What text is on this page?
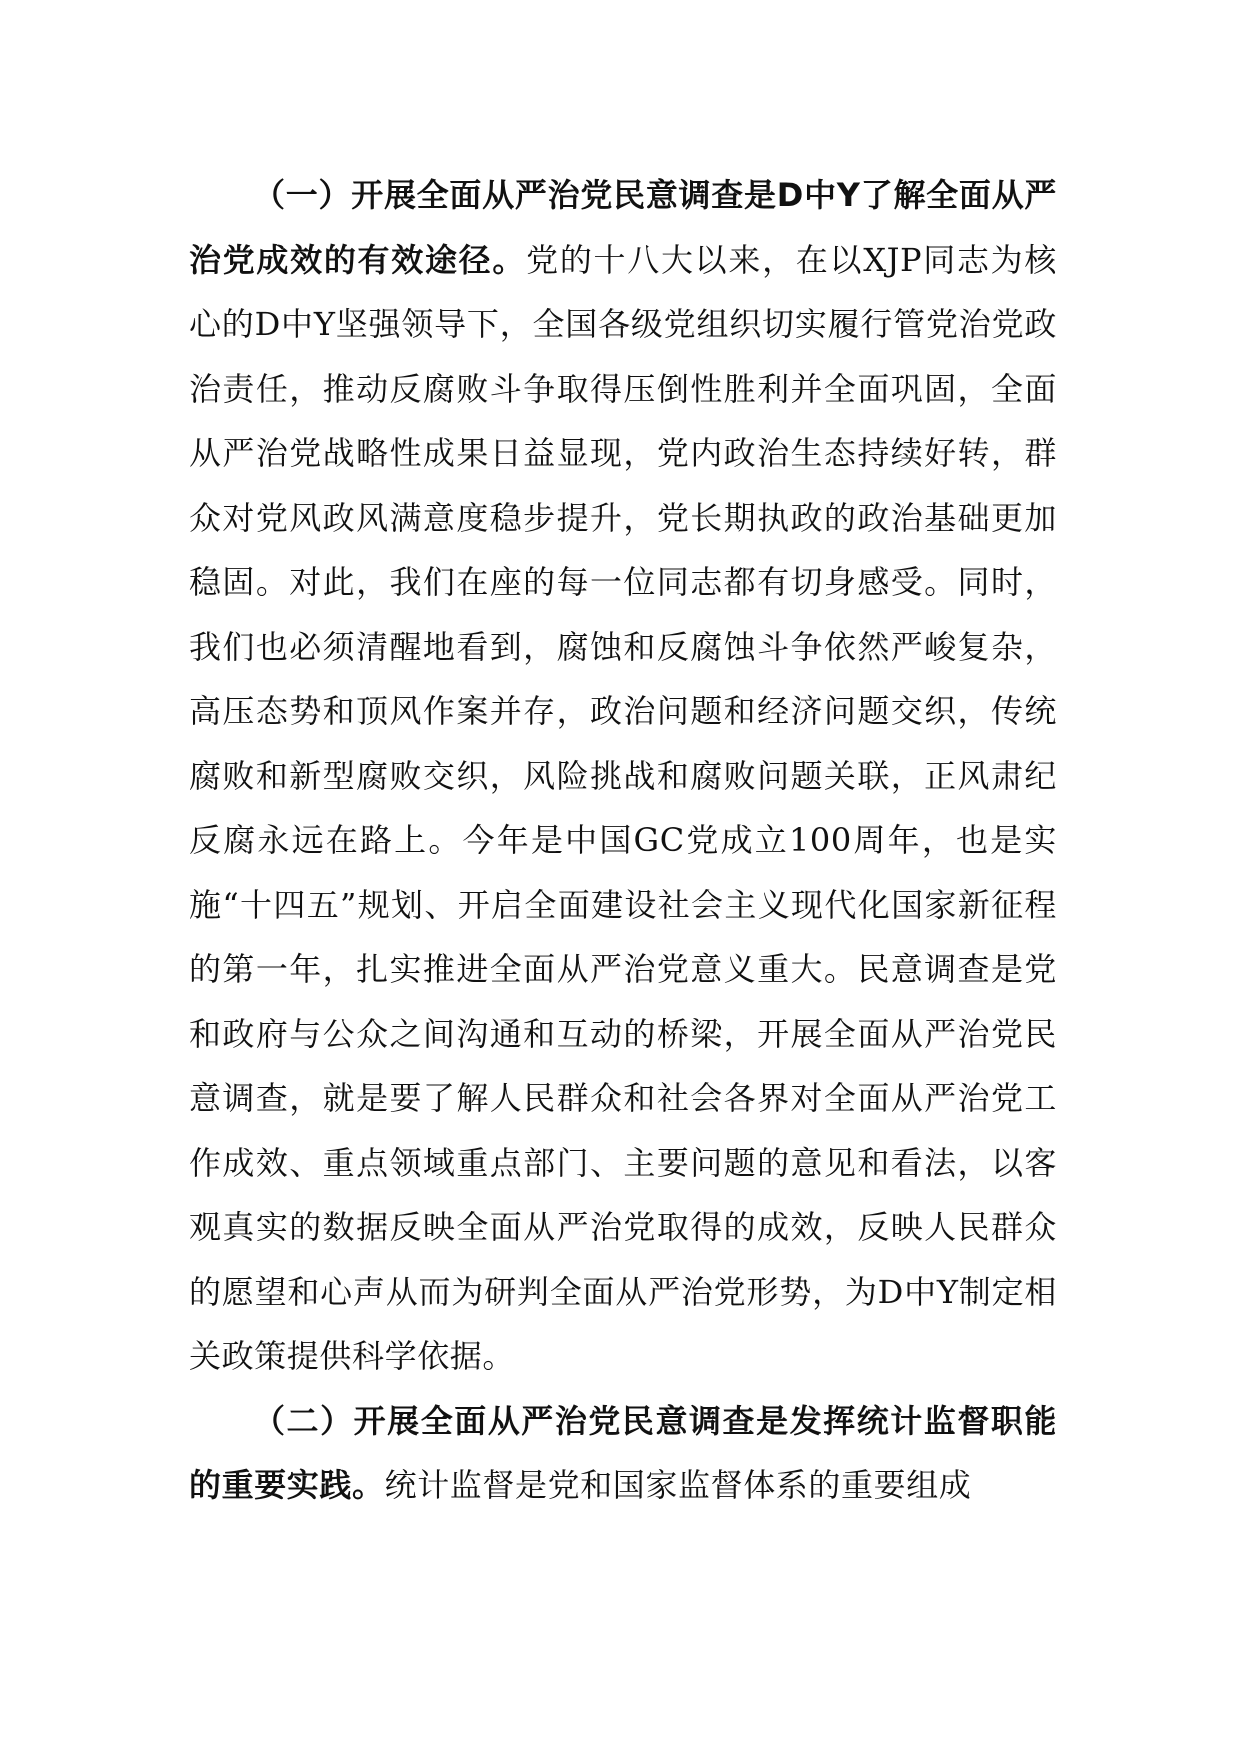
（一）开展全面从严治党民意调查是D中Y了解全面从严治党成效的有效途径。党的十八大以来，在以XJP同志为核心的D中Y坚强领导下，全国各级党组织切实履行管党治党政治责任，推动反腐败斗争取得压倒性胜利并全面巩固，全面从严治党战略性成果日益显现，党内政治生态持续好转，群众对党风政风满意度稳步提升，党长期执政的政治基础更加稳固。对此，我们在座的每一位同志都有切身感受。同时，我们也必须清醒地看到，腐蚀和反腐蚀斗争依然严峻复杂，高压态势和顶风作案并存，政治问题和经济问题交织，传统腐败和新型腐败交织，风险挑战和腐败问题关联，正风肃纪反腐永远在路上。今年是中国GC党成立100周年，也是实施“十四五”规划、开启全面建设社会主义现代化国家新征程的第一年，扎实推进全面从严治党意义重大。民意调查是党和政府与公众之间沟通和互动的桥梁，开展全面从严治党民意调查，就是要了解人民群众和社会各界对全面从严治党工作成效、重点领域重点部门、主要问题的意见和看法，以客观真实的数据反映全面从严治党取得的成效，反映人民群众的愿望和心声从而为研判全面从严治党形势，为D中Y制定相关政策提供科学依据。

（二）开展全面从严治党民意调查是发挥统计监督职能的重要实践。统计监督是党和国家监督体系的重要组成
